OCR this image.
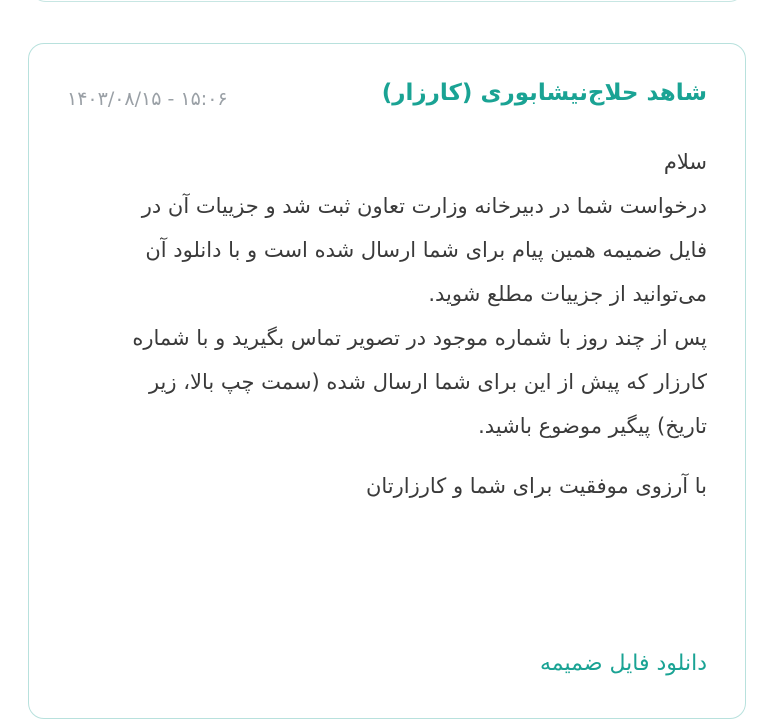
شاهد حلاج‌نیشابوری (کارزار)
۱۴۰۳/۰۸/۱۵ - ۱۵:۰۶

سلام

درخواست شما در دبیرخانه وزارت تعاون ثبت شد و جزییات آن در
فایل ضمیمه همین پیام برای شما ارسال شده است و با دانلود آن
می‌توانید از جزییات مطلع شوید.

پس از چند روز با شماره موجود در تصویر تماس بگیرید و با شماره
کارزار که پیش از این برای شما ارسال شده (سمت چپ بالا، زیر
تاریخ) پیگیر موضوع باشید.

با آرزوی موفقیت برای شما و کارزارتان

دانلود فایل ضمیمه
